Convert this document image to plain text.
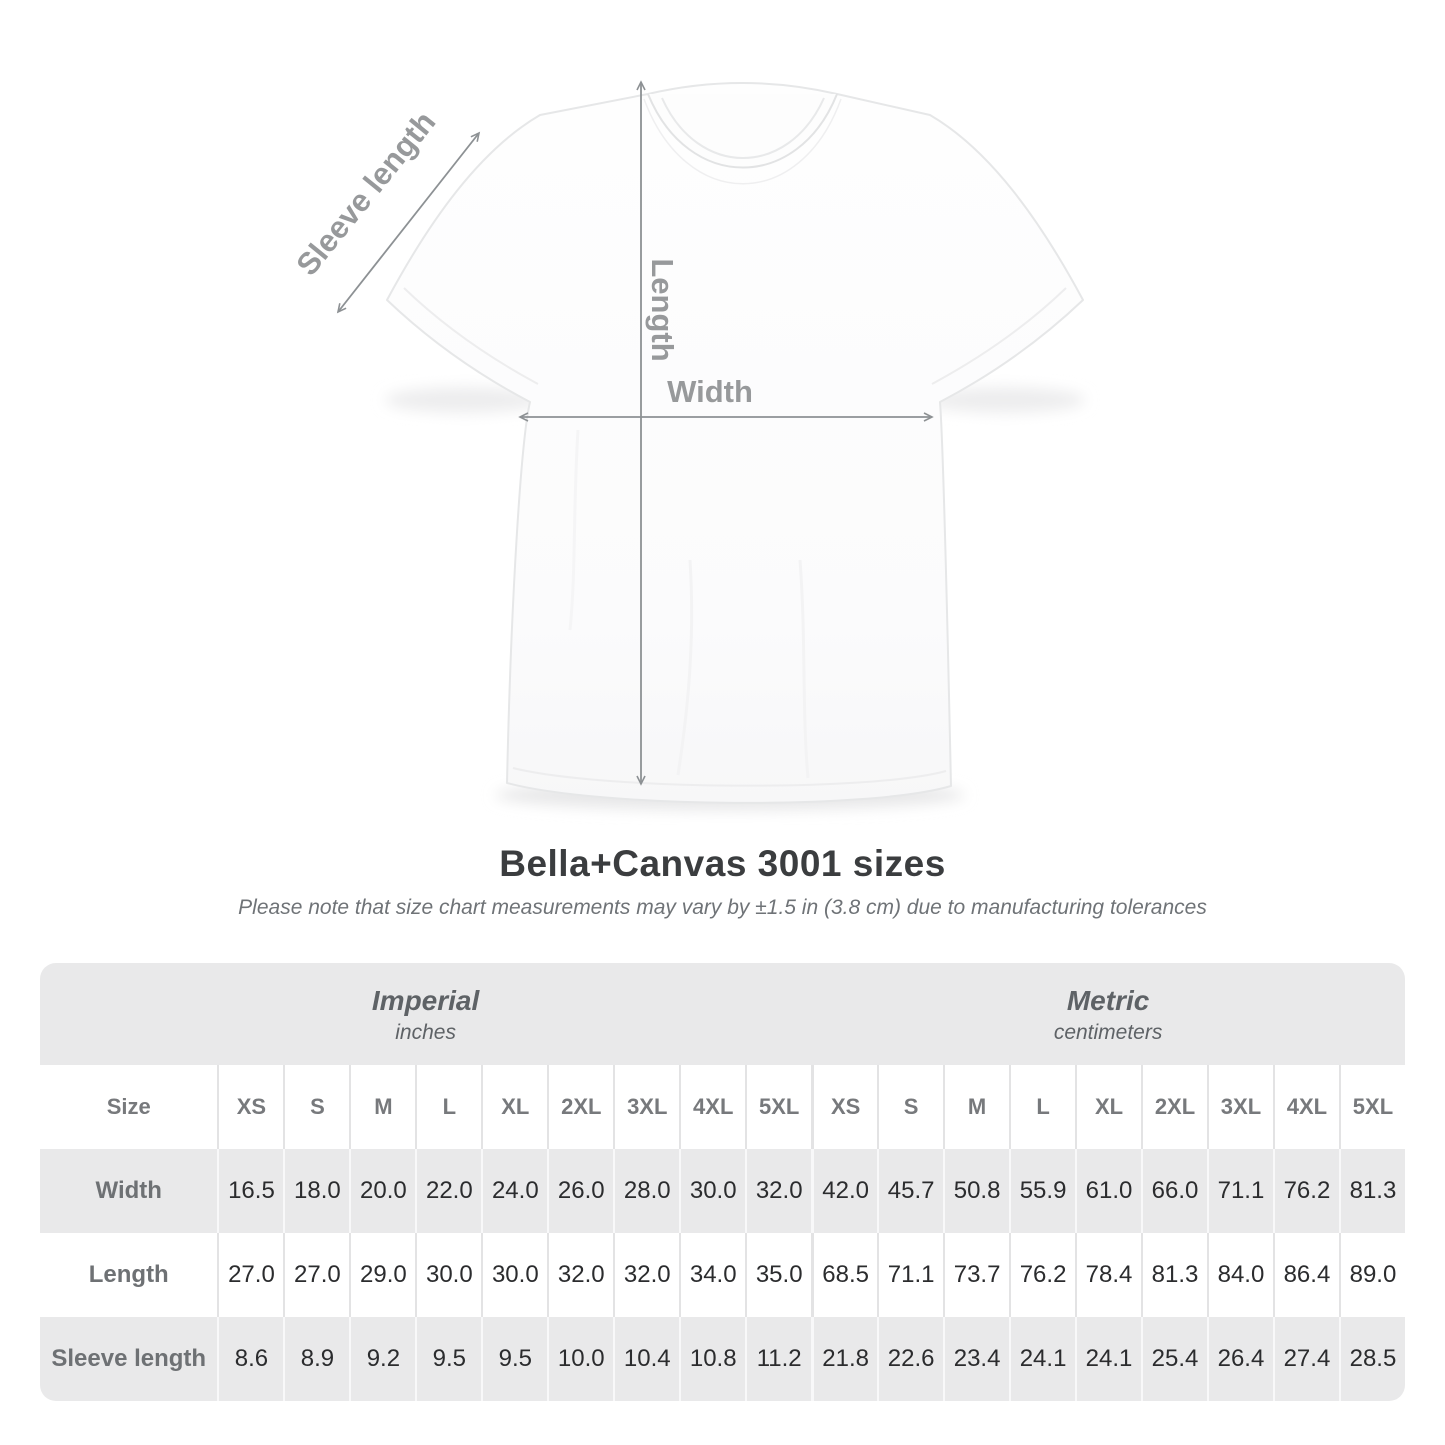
Sleeve length
Length
Width
Bella+Canvas 3001 sizes
Please note that size chart measurements may vary by ±1.5 in (3.8 cm) due to manufacturing tolerances
Imperial
inches

Metric
centimeters

Size	XS	S	M	L	XL	2XL	3XL	4XL	5XL	XS	S	M	L	XL	2XL	3XL	4XL	5XL
Width	16.5	18.0	20.0	22.0	24.0	26.0	28.0	30.0	32.0	42.0	45.7	50.8	55.9	61.0	66.0	71.1	76.2	81.3
Length	27.0	27.0	29.0	30.0	30.0	32.0	32.0	34.0	35.0	68.5	71.1	73.7	76.2	78.4	81.3	84.0	86.4	89.0
Sleeve length	8.6	8.9	9.2	9.5	9.5	10.0	10.4	10.8	11.2	21.8	22.6	23.4	24.1	24.1	25.4	26.4	27.4	28.5
